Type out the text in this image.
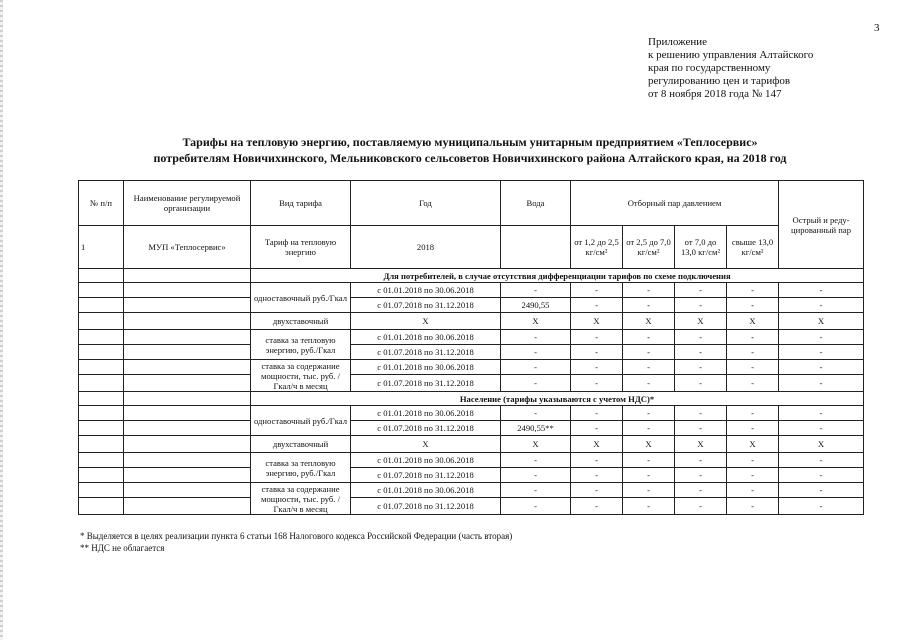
3
Приложение
к решению управления Алтайского
края по государственному
регулированию цен и тарифов
от 8 ноября 2018 года № 147
Тарифы на тепловую энергию, поставляемую муниципальным унитарным предприятием «Теплосервис»
потребителям Новичихинского, Мельниковского сельсоветов Новичихинского района Алтайского края, на 2018 год
№ п/п	Наименование регулируемой организации	Вид тарифа	Год	Вода	Отборный пар давлением				Острый и реду-цированный пар
1	МУП «Теплосервис»	Тариф на тепловую энергию	2018		от 1,2 до 2,5 кг/см²	от 2,5 до 7,0 кг/см²	от 7,0 до 13,0 кг/см²	свыше 13,0 кг/см²	
		Для потребителей, в случае отсутствия дифференциации тарифов по схеме подключения							
		одноставочный руб./Гкал	с 01.01.2018 по 30.06.2018	-	-	-	-	-	-
			с 01.07.2018 по 31.12.2018	2490,55	-	-	-	-	-
		двухставочный	Х	Х	Х	Х	Х	Х	Х
		ставка за тепловую энергию, руб./Гкал	с 01.01.2018 по 30.06.2018	-	-	-	-	-	-
			с 01.07.2018 по 31.12.2018	-	-	-	-	-	-
		ставка за содержание мощности, тыс. руб. /Гкал/ч в месяц	с 01.01.2018 по 30.06.2018	-	-	-	-	-	-
			с 01.07.2018 по 31.12.2018	-	-	-	-	-	-
		Население (тарифы указываются с учетом НДС)*							
		одноставочный руб./Гкал	с 01.01.2018 по 30.06.2018	-	-	-	-	-	-
			с 01.07.2018 по 31.12.2018	2490,55**	-	-	-	-	-
		двухставочный	Х	Х	Х	Х	Х	Х	Х
		ставка за тепловую энергию, руб./Гкал	с 01.01.2018 по 30.06.2018	-	-	-	-	-	-
			с 01.07.2018 по 31.12.2018	-	-	-	-	-	-
		ставка за содержание мощности, тыс. руб. /Гкал/ч в месяц	с 01.01.2018 по 30.06.2018	-	-	-	-	-	-
			с 01.07.2018 по 31.12.2018	-	-	-	-	-	-
* Выделяется в целях реализации пункта 6 статьи 168 Налогового кодекса Российской Федерации (часть вторая)
** НДС не облагается
